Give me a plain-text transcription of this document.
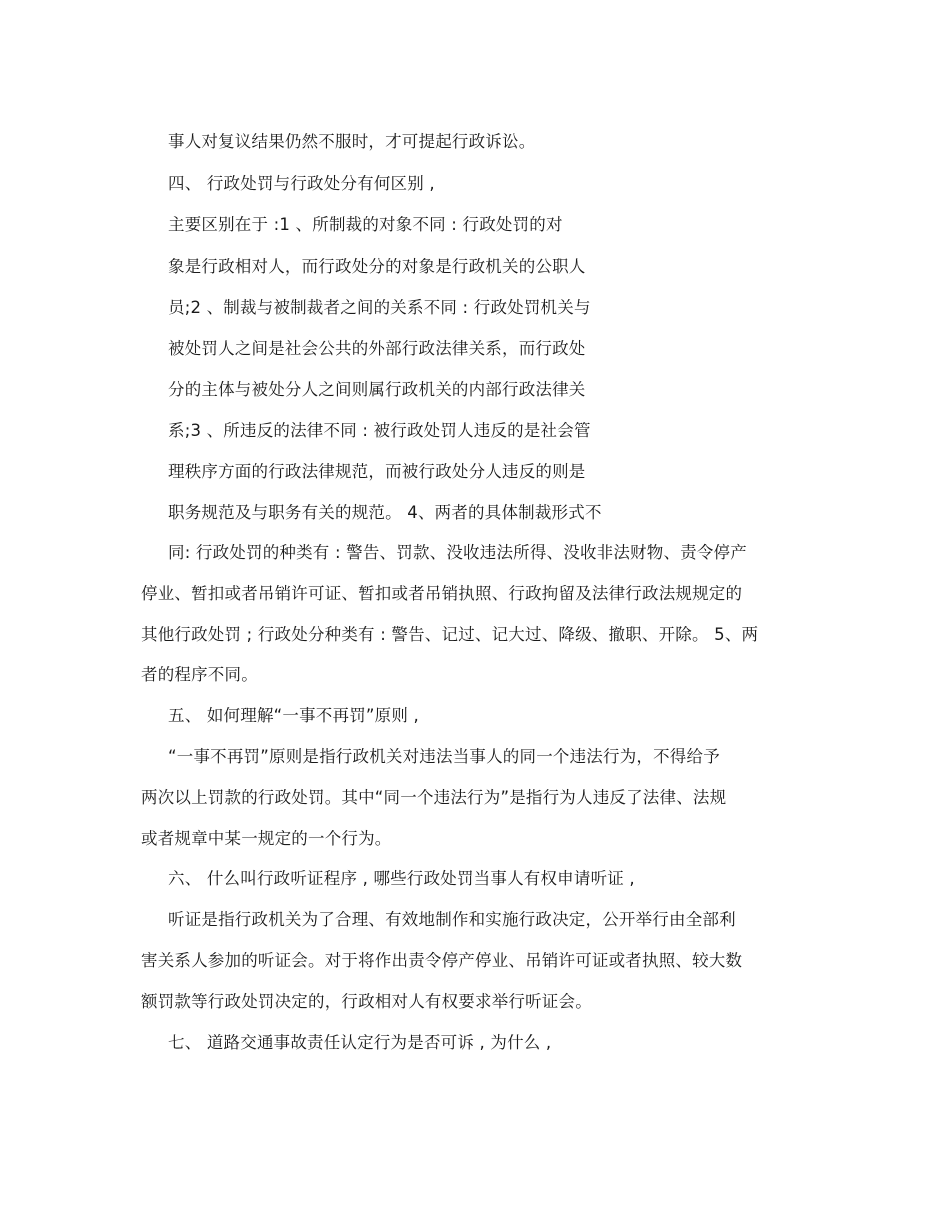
事人对复议结果仍然不服时，才可提起行政诉讼。
四、 行政处罚与行政处分有何区别 ,
主要区别在于 :1 、所制裁的对象不同 : 行政处罚的对
象是行政相对人，而行政处分的对象是行政机关的公职人
员;2 、制裁与被制裁者之间的关系不同 : 行政处罚机关与
被处罚人之间是社会公共的外部行政法律关系，而行政处
分的主体与被处分人之间则属行政机关的内部行政法律关
系;3 、所违反的法律不同 : 被行政处罚人违反的是社会管
理秩序方面的行政法律规范，而被行政处分人违反的则是
职务规范及与职务有关的规范。 4、两者的具体制裁形式不
同: 行政处罚的种类有 : 警告、罚款、没收违法所得、没收非法财物、责令停产
停业、暂扣或者吊销许可证、暂扣或者吊销执照、行政拘留及法律行政法规规定的
其他行政处罚 ; 行政处分种类有 : 警告、记过、记大过、降级、撤职、开除。 5、两
者的程序不同。
五、 如何理解“一事不再罚”原则 ,
“一事不再罚”原则是指行政机关对违法当事人的同一个违法行为，不得给予
两次以上罚款的行政处罚。其中“同一个违法行为”是指行为人违反了法律、法规
或者规章中某一规定的一个行为。
六、 什么叫行政听证程序 , 哪些行政处罚当事人有权申请听证 ,
听证是指行政机关为了合理、有效地制作和实施行政决定，公开举行由全部利
害关系人参加的听证会。对于将作出责令停产停业、吊销许可证或者执照、较大数
额罚款等行政处罚决定的，行政相对人有权要求举行听证会。
七、 道路交通事故责任认定行为是否可诉 , 为什么 ,
